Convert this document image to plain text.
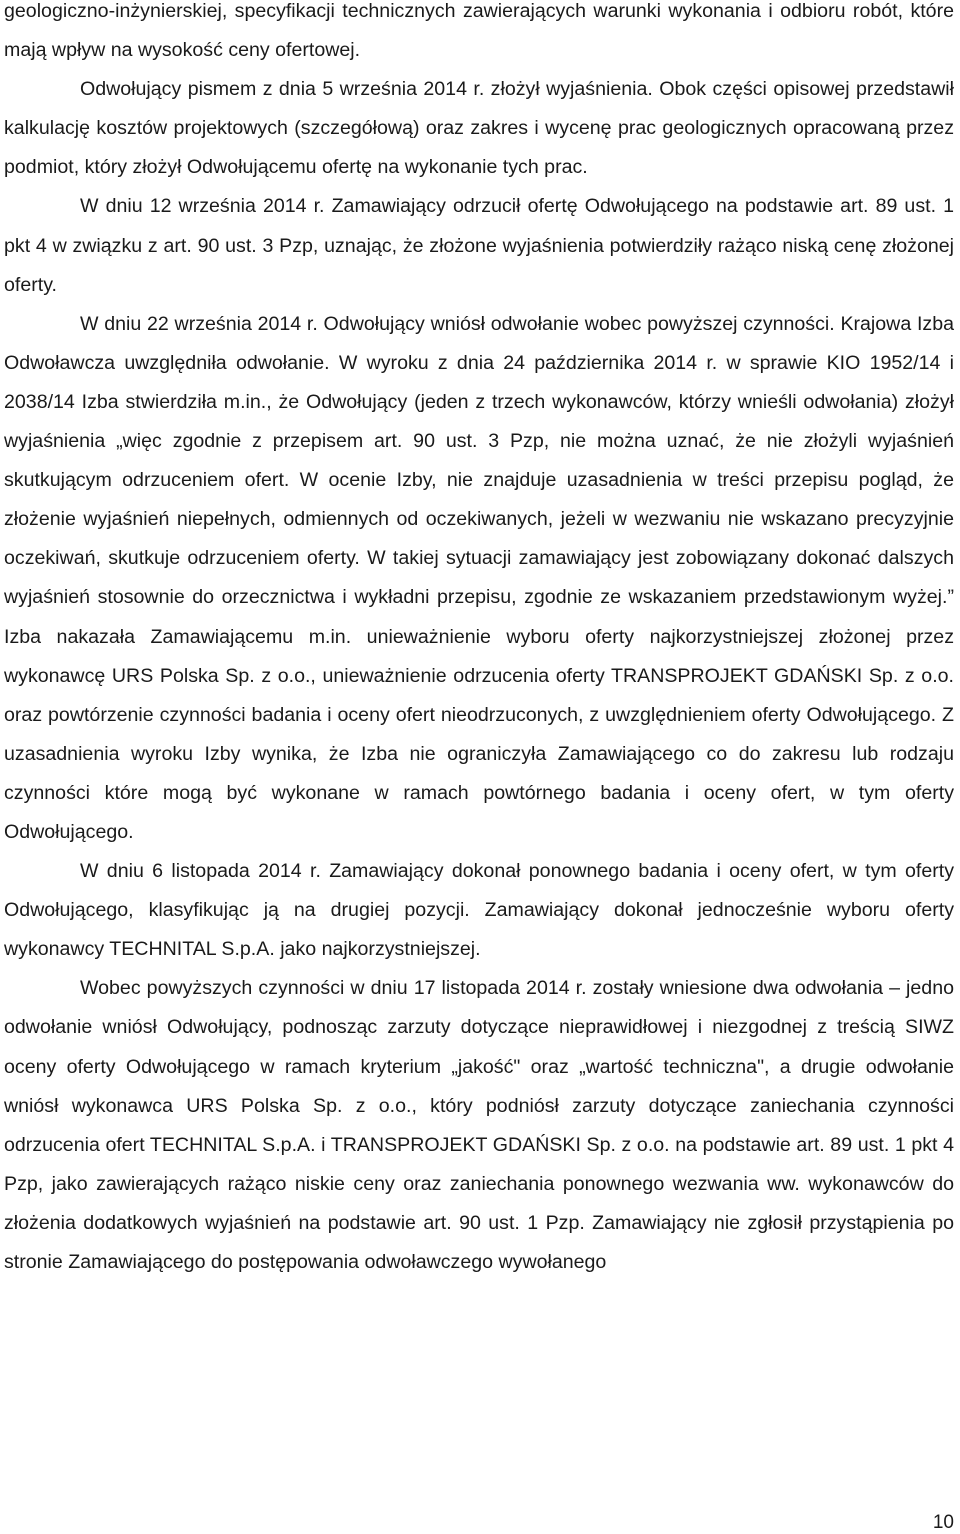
geologiczno-inżynierskiej, specyfikacji technicznych zawierających warunki wykonania i odbioru robót, które mają wpływ na wysokość ceny ofertowej.

Odwołujący pismem z dnia 5 września 2014 r. złożył wyjaśnienia. Obok części opisowej przedstawił kalkulację kosztów projektowych (szczegółową) oraz zakres i wycenę prac geologicznych opracowaną przez podmiot, który złożył Odwołującemu ofertę na wykonanie tych prac.

W dniu 12 września 2014 r. Zamawiający odrzucił ofertę Odwołującego na podstawie art. 89 ust. 1 pkt 4 w związku z art. 90 ust. 3 Pzp, uznając, że złożone wyjaśnienia potwierdziły rażąco niską cenę złożonej oferty.

W dniu 22 września 2014 r. Odwołujący wniósł odwołanie wobec powyższej czynności. Krajowa Izba Odwoławcza uwzględniła odwołanie. W wyroku z dnia 24 października 2014 r. w sprawie KIO 1952/14 i 2038/14 Izba stwierdziła m.in., że Odwołujący (jeden z trzech wykonawców, którzy wnieśli odwołania) złożył wyjaśnienia „więc zgodnie z przepisem art. 90 ust. 3 Pzp, nie można uznać, że nie złożyli wyjaśnień skutkującym odrzuceniem ofert. W ocenie Izby, nie znajduje uzasadnienia w treści przepisu pogląd, że złożenie wyjaśnień niepełnych, odmiennych od oczekiwanych, jeżeli w wezwaniu nie wskazano precyzyjnie oczekiwań, skutkuje odrzuceniem oferty. W takiej sytuacji zamawiający jest zobowiązany dokonać dalszych wyjaśnień stosownie do orzecznictwa i wykładni przepisu, zgodnie ze wskazaniem przedstawionym wyżej.” Izba nakazała Zamawiającemu m.in. unieważnienie wyboru oferty najkorzystniejszej złożonej przez wykonawcę URS Polska Sp. z o.o., unieważnienie odrzucenia oferty TRANSPROJEKT GDAŃSKI Sp. z o.o. oraz powtórzenie czynności badania i oceny ofert nieodrzuconych, z uwzględnieniem oferty Odwołującego. Z uzasadnienia wyroku Izby wynika, że Izba nie ograniczyła Zamawiającego co do zakresu lub rodzaju czynności które mogą być wykonane w ramach powtórnego badania i oceny ofert, w tym oferty Odwołującego.

W dniu 6 listopada 2014 r. Zamawiający dokonał ponownego badania i oceny ofert, w tym oferty Odwołującego, klasyfikując ją na drugiej pozycji. Zamawiający dokonał jednocześnie wyboru oferty wykonawcy TECHNITAL S.p.A. jako najkorzystniejszej.

Wobec powyższych czynności w dniu 17 listopada 2014 r. zostały wniesione dwa odwołania – jedno odwołanie wniósł Odwołujący, podnosząc zarzuty dotyczące nieprawidłowej i niezgodnej z treścią SIWZ oceny oferty Odwołującego w ramach kryterium „jakość" oraz „wartość techniczna", a drugie odwołanie wniósł wykonawca URS Polska Sp. z o.o., który podniósł zarzuty dotyczące zaniechania czynności odrzucenia ofert TECHNITAL S.p.A. i TRANSPROJEKT GDAŃSKI Sp. z o.o. na podstawie art. 89 ust. 1 pkt 4 Pzp, jako zawierających rażąco niskie ceny oraz zaniechania ponownego wezwania ww. wykonawców do złożenia dodatkowych wyjaśnień na podstawie art. 90 ust. 1 Pzp. Zamawiający nie zgłosił przystąpienia po stronie Zamawiającego do postępowania odwoławczego wywołanego

10
